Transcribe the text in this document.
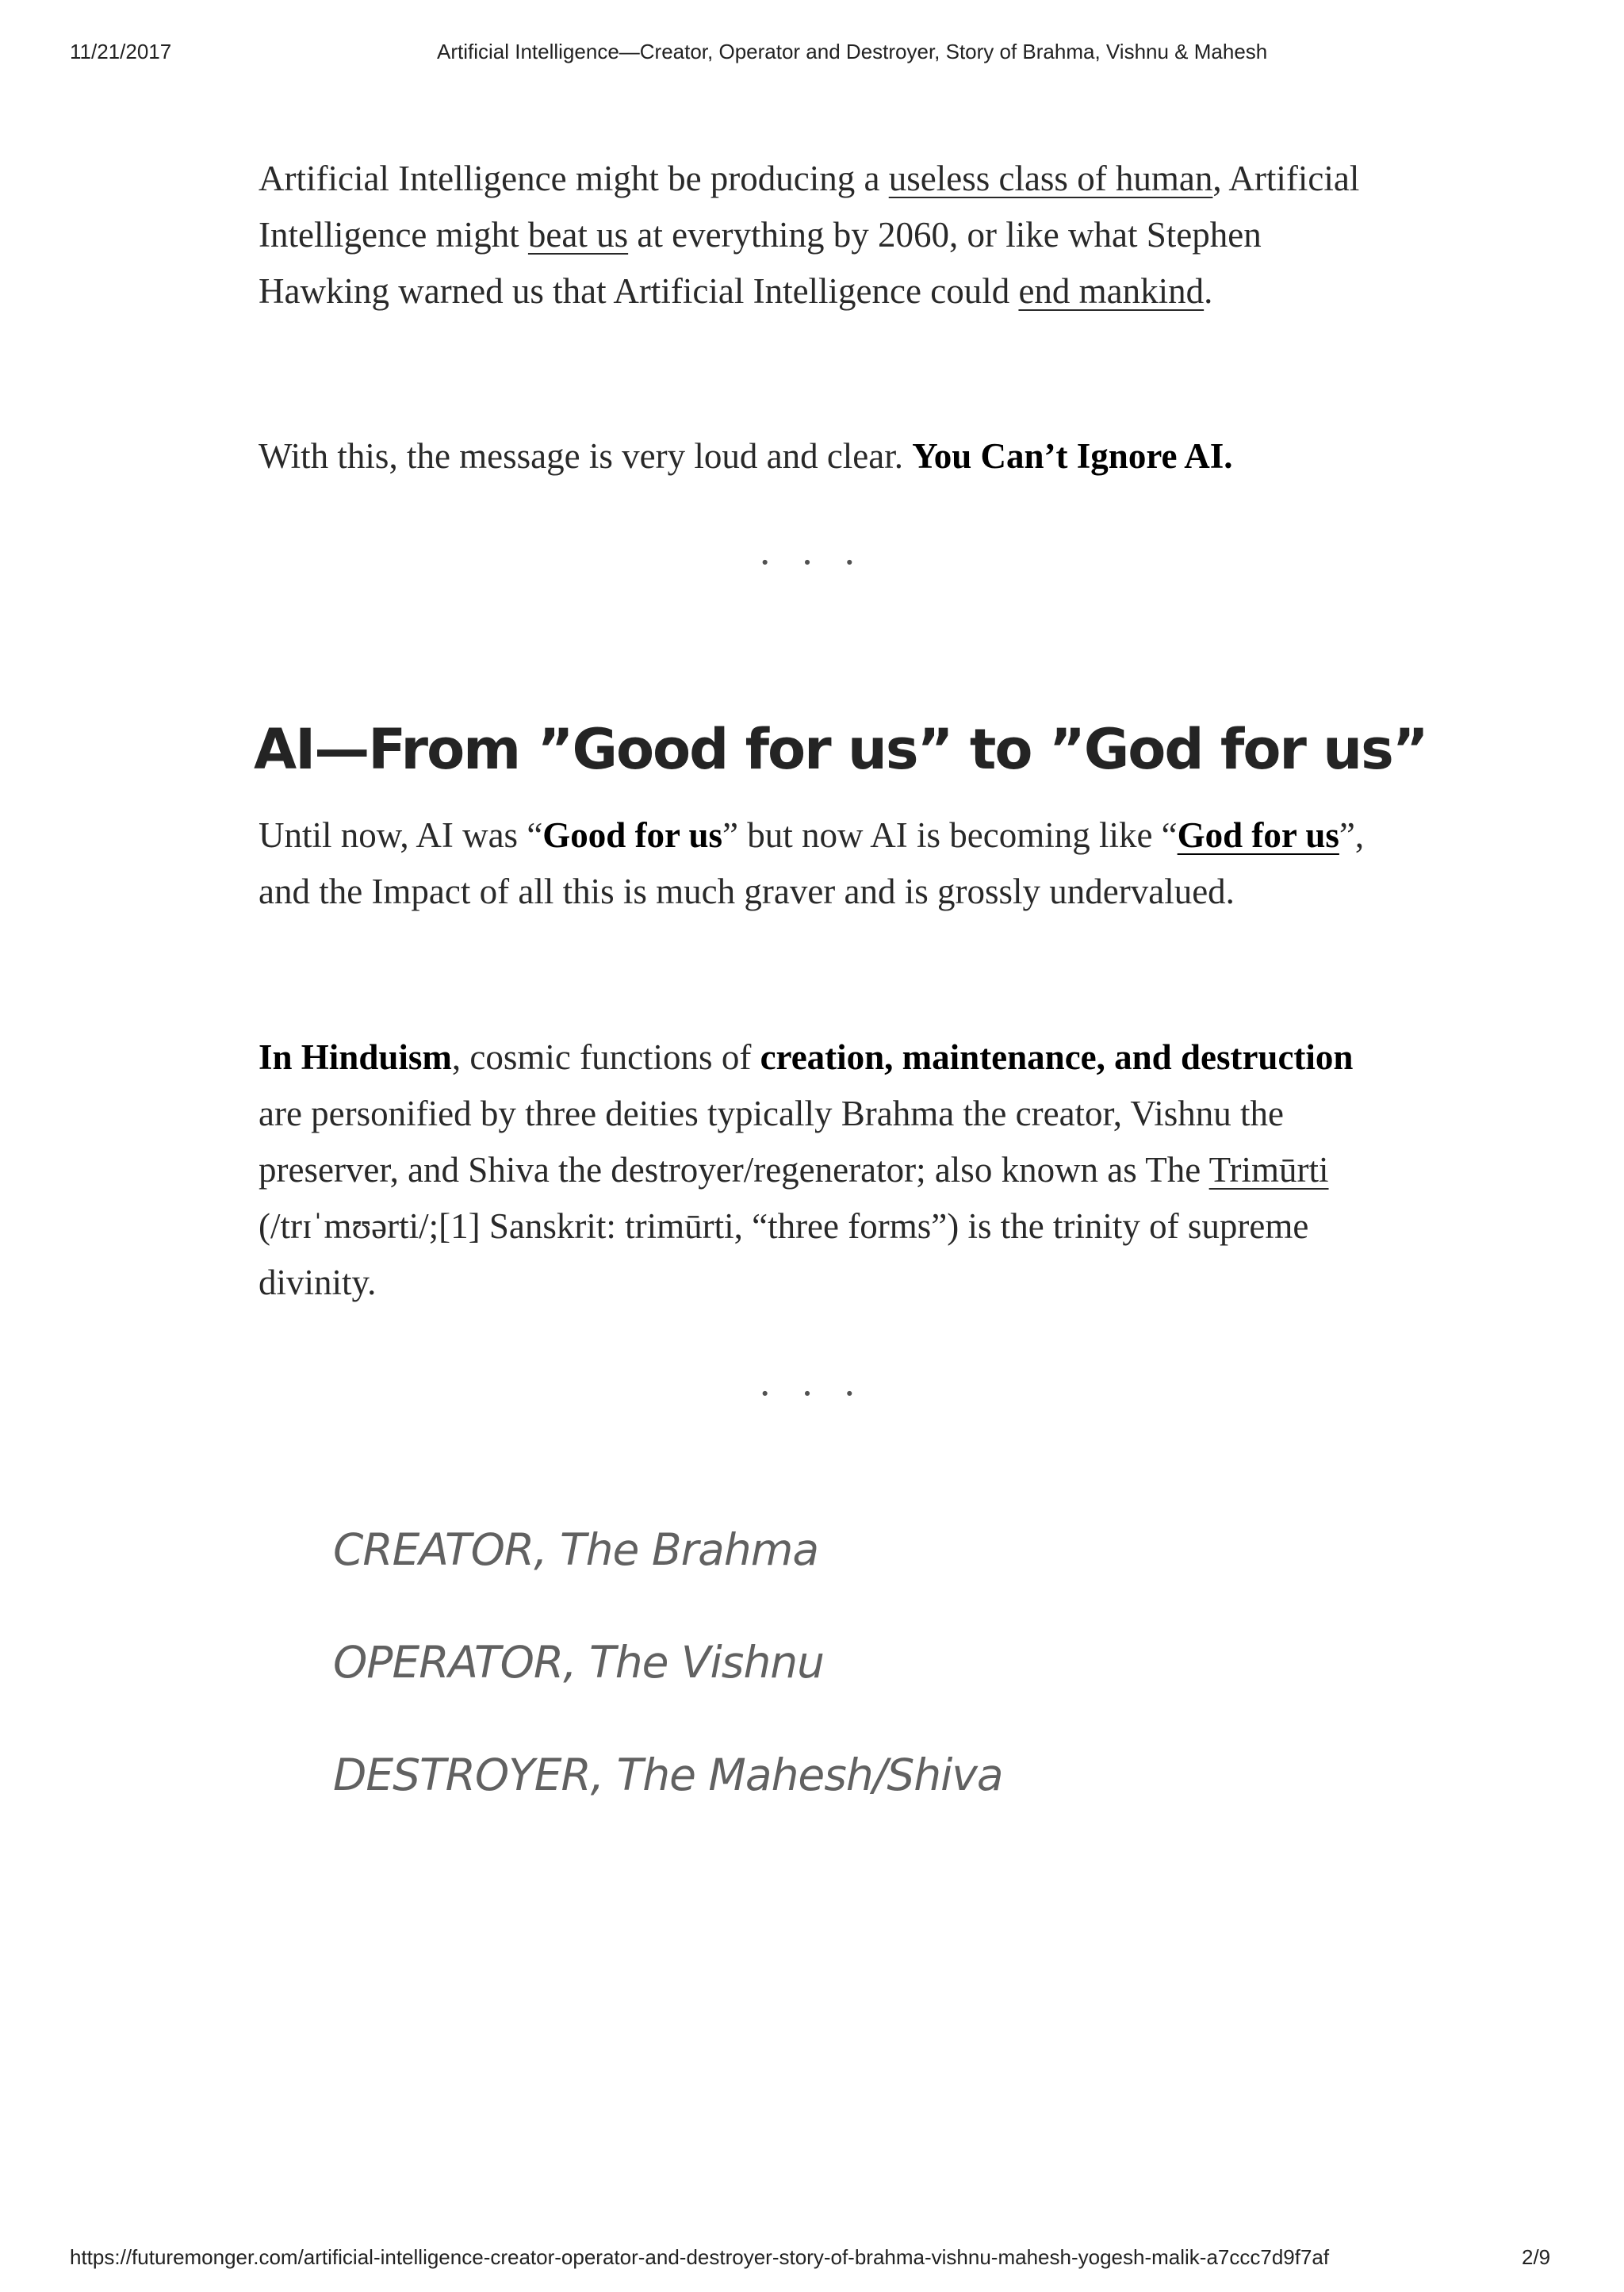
11/21/2017	Artificial Intelligence—Creator, Operator and Destroyer, Story of Brahma, Vishnu & Mahesh

Artificial Intelligence might be producing a useless class of human, Artificial Intelligence might beat us at everything by 2060, or like what Stephen Hawking warned us that Artificial Intelligence could end mankind.

With this, the message is very loud and clear. You Can’t Ignore AI.

···
AI—From ”Good for us” to ”God for us”

Until now, AI was “Good for us” but now AI is becoming like “God for us”, and the Impact of all this is much graver and is grossly undervalued.

In Hinduism, cosmic functions of creation, maintenance, and destruction are personified by three deities typically Brahma the creator, Vishnu the preserver, and Shiva the destroyer/regenerator; also known as The Trimūrti (/trɪˈmʊərti/;[1] Sanskrit: trimūrti, “three forms”) is the trinity of supreme divinity.

···
CREATOR, The Brahma
OPERATOR, The Vishnu
DESTROYER, The Mahesh/Shiva
https://futuremonger.com/artificial-intelligence-creator-operator-and-destroyer-story-of-brahma-vishnu-mahesh-yogesh-malik-a7ccc7d9f7af	2/9
